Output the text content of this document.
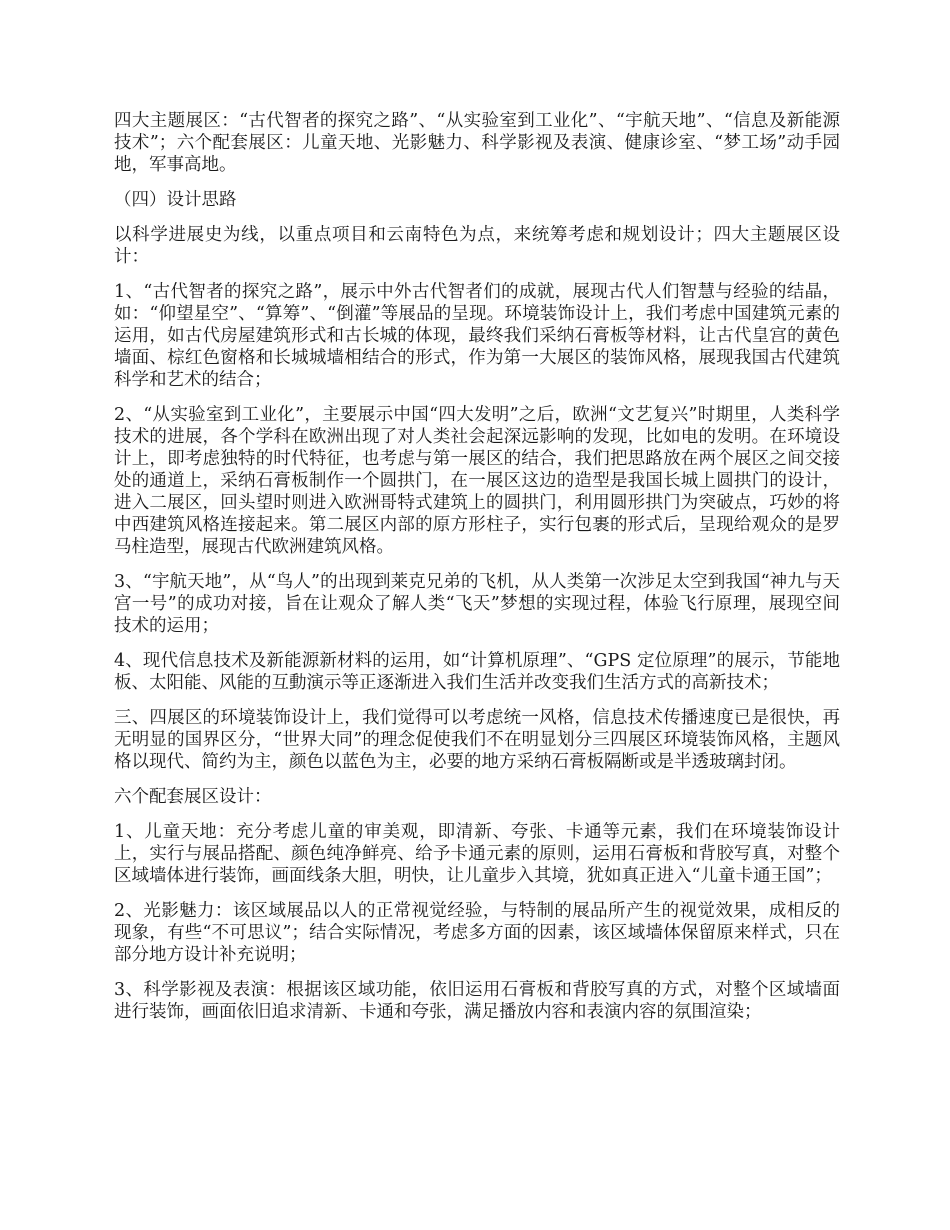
四大主题展区：“古代智者的探究之路”、“从实验室到工业化”、“宇航天地”、“信息及新能源技术”；六个配套展区：儿童天地、光影魅力、科学影视及表演、健康诊室、“梦工场”动手园地，军事高地。

（四）设计思路

以科学进展史为线，以重点项目和云南特色为点，来统筹考虑和规划设计；四大主题展区设计：

1、“古代智者的探究之路”，展示中外古代智者们的成就，展现古代人们智慧与经验的结晶，如：“仰望星空”、“算筹”、“倒灌”等展品的呈现。环境装饰设计上，我们考虑中国建筑元素的运用，如古代房屋建筑形式和古长城的体现，最终我们采纳石膏板等材料，让古代皇宫的黄色墙面、棕红色窗格和长城城墙相结合的形式，作为第一大展区的装饰风格，展现我国古代建筑科学和艺术的结合；

2、“从实验室到工业化”，主要展示中国“四大发明”之后，欧洲“文艺复兴”时期里，人类科学技术的进展，各个学科在欧洲出现了对人类社会起深远影响的发现，比如电的发明。在环境设计上，即考虑独特的时代特征，也考虑与第一展区的结合，我们把思路放在两个展区之间交接处的通道上，采纳石膏板制作一个圆拱门，在一展区这边的造型是我国长城上圆拱门的设计，进入二展区，回头望时则进入欧洲哥特式建筑上的圆拱门，利用圆形拱门为突破点，巧妙的将中西建筑风格连接起来。第二展区内部的原方形柱子，实行包裹的形式后，呈现给观众的是罗马柱造型，展现古代欧洲建筑风格。

3、“宇航天地”，从“鸟人”的出现到莱克兄弟的飞机，从人类第一次涉足太空到我国“神九与天宫一号”的成功对接，旨在让观众了解人类“飞天”梦想的实现过程，体验飞行原理，展现空间技术的运用；

4、现代信息技术及新能源新材料的运用，如“计算机原理”、“GPS 定位原理”的展示，节能地板、太阳能、风能的互動演示等正逐渐进入我们生活并改变我们生活方式的高新技术；

三、四展区的环境装饰设计上，我们觉得可以考虑统一风格，信息技术传播速度已是很快，再无明显的国界区分，“世界大同”的理念促使我们不在明显划分三四展区环境装饰风格，主题风格以现代、简约为主，颜色以蓝色为主，必要的地方采纳石膏板隔断或是半透玻璃封闭。

六个配套展区设计：

1、儿童天地：充分考虑儿童的审美观，即清新、夸张、卡通等元素，我们在环境装饰设计上，实行与展品搭配、颜色纯净鲜亮、给予卡通元素的原则，运用石膏板和背胶写真，对整个区域墙体进行装饰，画面线条大胆，明快，让儿童步入其境，犹如真正进入“儿童卡通王国”；

2、光影魅力：该区域展品以人的正常视觉经验，与特制的展品所产生的视觉效果，成相反的现象，有些“不可思议”；结合实际情况，考虑多方面的因素，该区域墙体保留原来样式，只在部分地方设计补充说明；

3、科学影视及表演：根据该区域功能，依旧运用石膏板和背胶写真的方式，对整个区域墙面进行装饰，画面依旧追求清新、卡通和夸张，满足播放内容和表演内容的氛围渲染；
